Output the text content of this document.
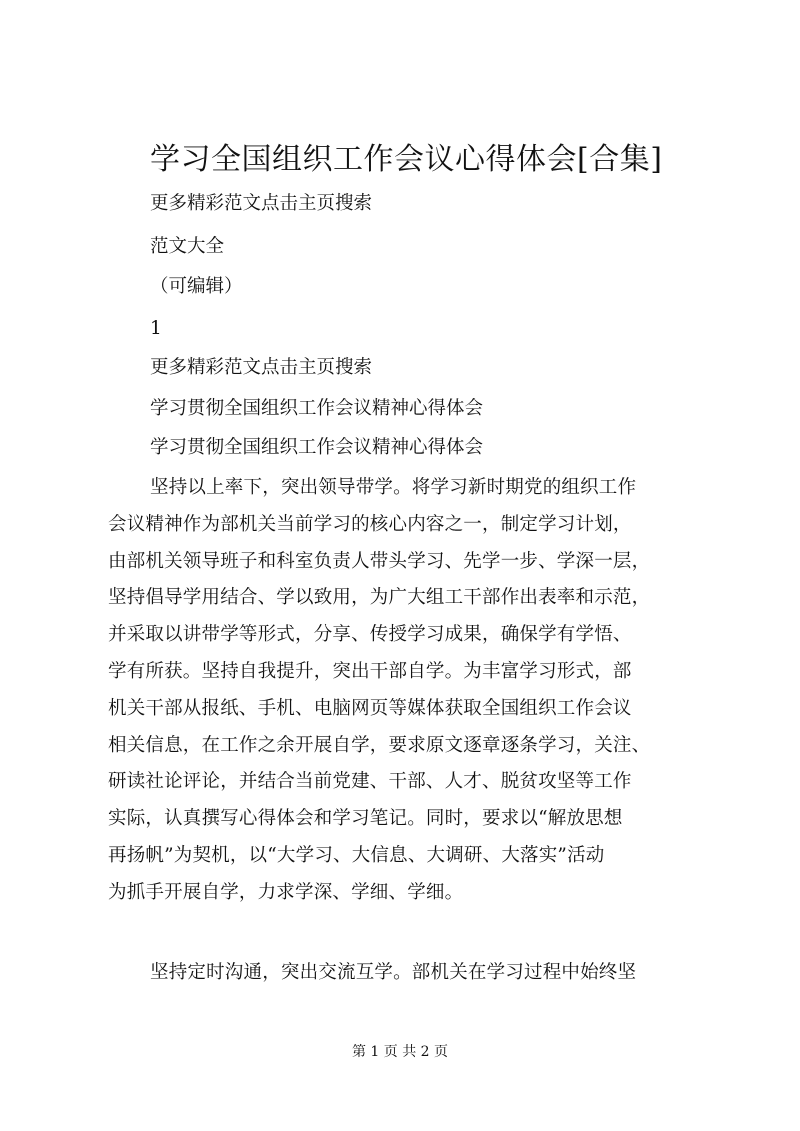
学习全国组织工作会议心得体会[合集]

更多精彩范文点击主页搜索

范文大全

（可编辑）

1

更多精彩范文点击主页搜索

学习贯彻全国组织工作会议精神心得体会

学习贯彻全国组织工作会议精神心得体会

坚持以上率下，突出领导带学。将学习新时期党的组织工作
会议精神作为部机关当前学习的核心内容之一，制定学习计划，
由部机关领导班子和科室负责人带头学习、先学一步、学深一层，
坚持倡导学用结合、学以致用，为广大组工干部作出表率和示范，
并采取以讲带学等形式，分享、传授学习成果，确保学有学悟、
学有所获。坚持自我提升，突出干部自学。为丰富学习形式，部
机关干部从报纸、手机、电脑网页等媒体获取全国组织工作会议
相关信息，在工作之余开展自学，要求原文逐章逐条学习，关注、
研读社论评论，并结合当前党建、干部、人才、脱贫攻坚等工作
实际，认真撰写心得体会和学习笔记。同时，要求以“解放思想
再扬帆”为契机，以“大学习、大信息、大调研、大落实”活动
为抓手开展自学，力求学深、学细、学细。
坚持定时沟通，突出交流互学。部机关在学习过程中始终坚

第 1 页 共 2 页
